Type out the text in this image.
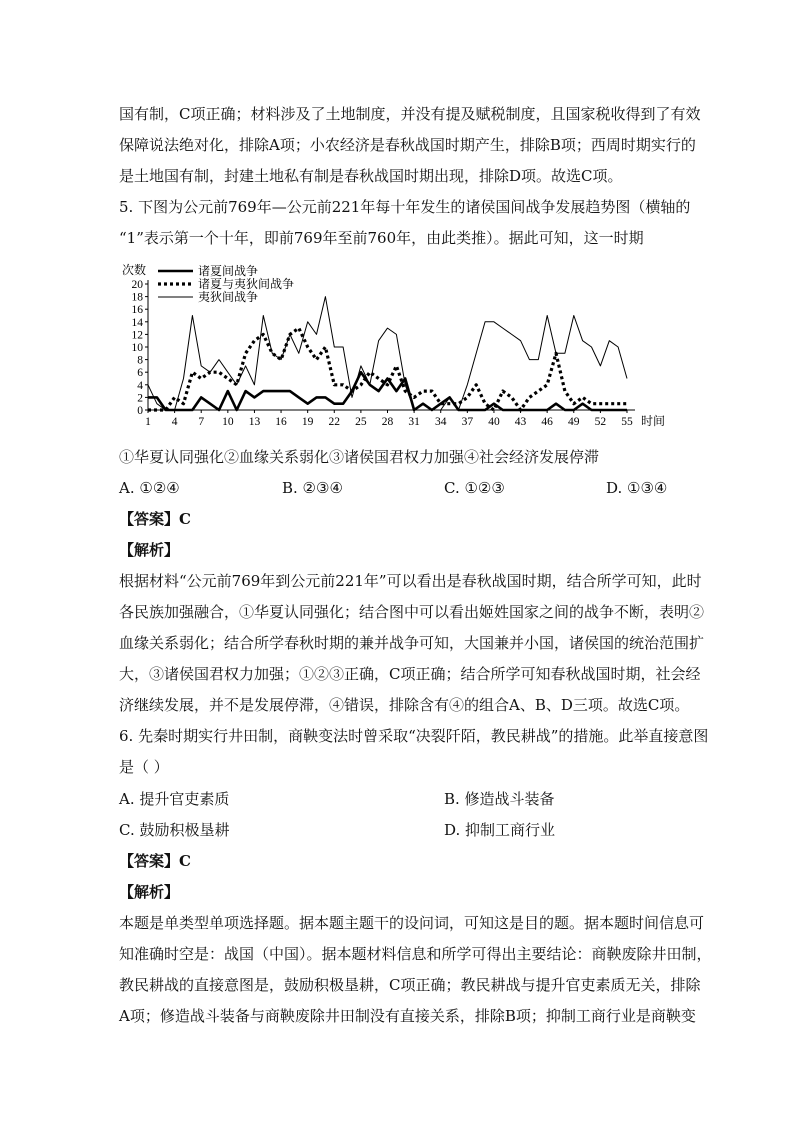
国有制，C项正确；材料涉及了土地制度，并没有提及赋税制度，且国家税收得到了有效
保障说法绝对化，排除A项；小农经济是春秋战国时期产生，排除B项；西周时期实行的
是土地国有制，封建土地私有制是春秋战国时期出现，排除D项。故选C项。
5. 下图为公元前769年—公元前221年每十年发生的诸侯国间战争发展趋势图（横轴的
“1”表示第一个十年，即前769年至前760年，由此类推）。据此可知，这一时期
次数
时间
0
2
4
6
8
10
12
14
16
18
20
1 4 7 10 13 16 19 22 25 28 31 34 37 40 43 46 49 52 55
诸夏间战争
诸夏与夷狄间战争
夷狄间战争
①华夏认同强化②血缘关系弱化③诸侯国君权力加强④社会经济发展停滞
A. ①②④	B. ②③④	C. ①②③	D. ①③④
【答案】C
【解析】
根据材料“公元前769年到公元前221年”可以看出是春秋战国时期，结合所学可知，此时
各民族加强融合，①华夏认同强化；结合图中可以看出姬姓国家之间的战争不断，表明②
血缘关系弱化；结合所学春秋时期的兼并战争可知，大国兼并小国，诸侯国的统治范围扩
大，③诸侯国君权力加强；①②③正确，C项正确；结合所学可知春秋战国时期，社会经
济继续发展，并不是发展停滞，④错误，排除含有④的组合A、B、D三项。故选C项。
6. 先秦时期实行井田制，商鞅变法时曾采取“决裂阡陌，教民耕战”的措施。此举直接意图
是（ ）
A. 提升官吏素质	B. 修造战斗装备
C. 鼓励积极垦耕	D. 抑制工商行业
【答案】C
【解析】
本题是单类型单项选择题。据本题主题干的设问词，可知这是目的题。据本题时间信息可
知准确时空是：战国（中国）。据本题材料信息和所学可得出主要结论：商鞅废除井田制，
教民耕战的直接意图是，鼓励积极垦耕，C项正确；教民耕战与提升官吏素质无关，排除
A项；修造战斗装备与商鞅废除井田制没有直接关系，排除B项；抑制工商行业是商鞅变
